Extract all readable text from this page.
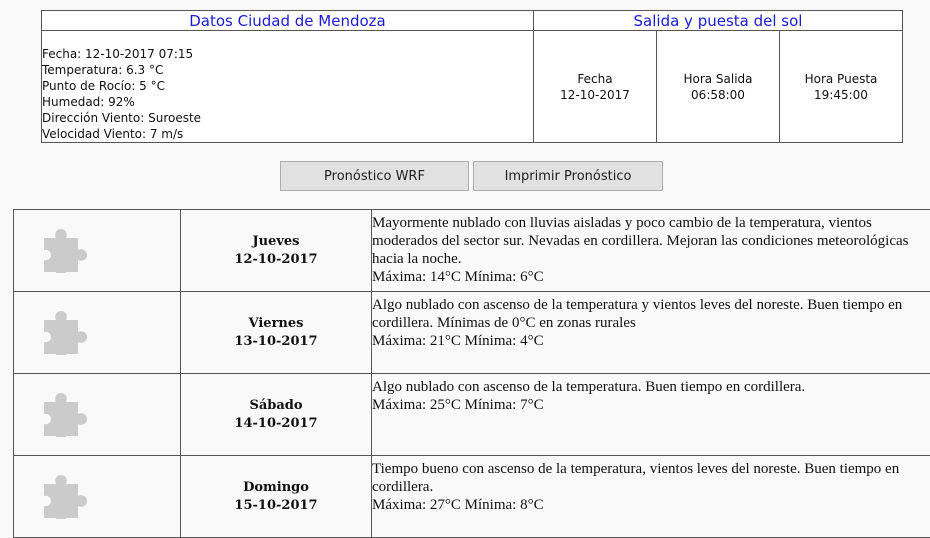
Datos Ciudad de Mendoza
Fecha: 12-10-2017 07:15
Temperatura: 6.3 °C
Punto de Rocío: 5 °C
Humedad: 92%
Dirección Viento: Suroeste
Velocidad Viento: 7 m/s
Salida y puesta del sol
Fecha
12-10-2017
Hora Salida
06:58:00
Hora Puesta
19:45:00
Pronóstico WRF	Imprimir Pronóstico
Jueves
12-10-2017
Mayormente nublado con lluvias aisladas y poco cambio de la temperatura, vientos moderados del sector sur. Nevadas en cordillera. Mejoran las condiciones meteorológicas hacia la noche.
Máxima: 14°C Mínima: 6°C
Viernes
13-10-2017
Algo nublado con ascenso de la temperatura y vientos leves del noreste. Buen tiempo en cordillera. Mínimas de 0°C en zonas rurales
Máxima: 21°C Mínima: 4°C
Sábado
14-10-2017
Algo nublado con ascenso de la temperatura. Buen tiempo en cordillera.
Máxima: 25°C Mínima: 7°C
Domingo
15-10-2017
Tiempo bueno con ascenso de la temperatura, vientos leves del noreste. Buen tiempo en cordillera.
Máxima: 27°C Mínima: 8°C
